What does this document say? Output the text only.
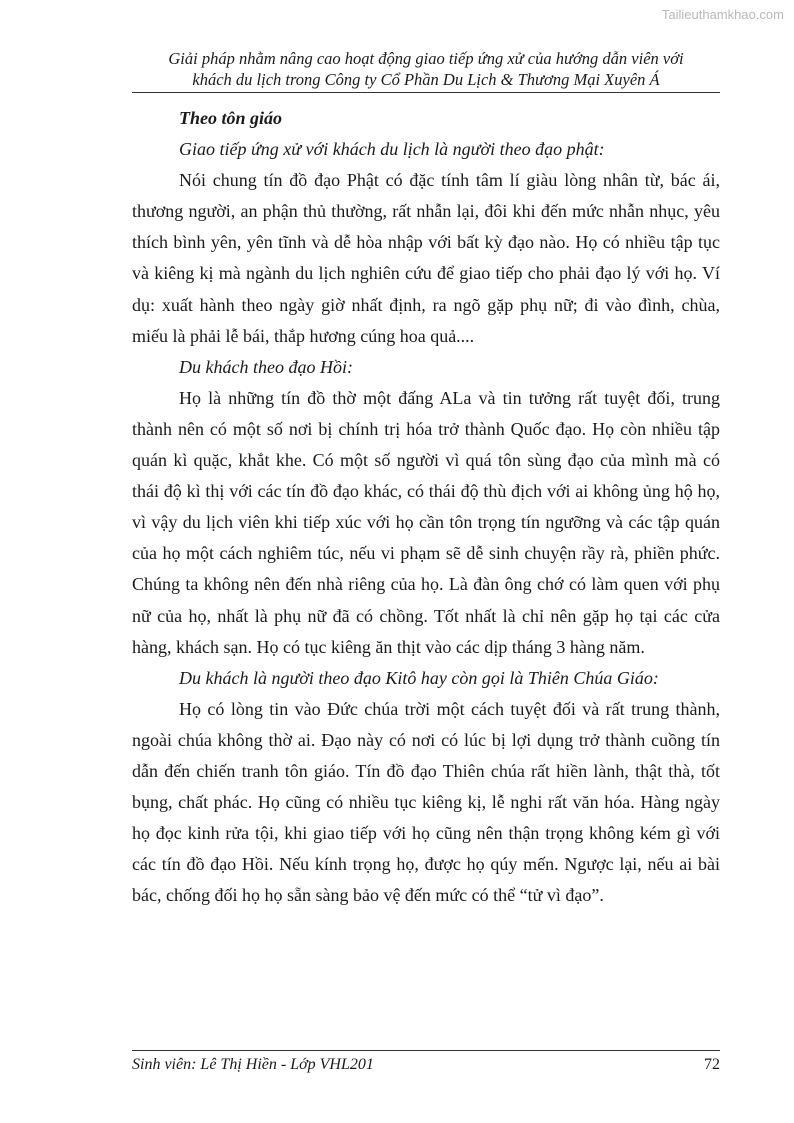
Tailieuthamkhao.com
Giải pháp nhằm nâng cao hoạt động giao tiếp ứng xử của hướng dẫn viên với
khách du lịch trong Công ty Cổ Phần Du Lịch & Thương Mại Xuyên Á

Theo tôn giáo

Giao tiếp ứng xử với khách du lịch là người theo đạo phật:

Nói chung tín đồ đạo Phật có đặc tính tâm lí giàu lòng nhân từ, bác ái, thương người, an phận thủ thường, rất nhẫn lại, đôi khi đến mức nhẫn nhục, yêu thích bình yên, yên tĩnh và dễ hòa nhập với bất kỳ đạo nào. Họ có nhiều tập tục và kiêng kị mà ngành du lịch nghiên cứu để giao tiếp cho phải đạo lý với họ. Ví dụ: xuất hành theo ngày giờ nhất định, ra ngõ gặp phụ nữ; đi vào đình, chùa, miếu là phải lễ bái, thắp hương cúng hoa quả....

Du khách theo đạo Hồi:

Họ là những tín đồ thờ một đấng ALa và tin tưởng rất tuyệt đối, trung thành nên có một số nơi bị chính trị hóa trở thành Quốc đạo. Họ còn nhiều tập quán kì quặc, khắt khe. Có một số người vì quá tôn sùng đạo của mình mà có thái độ kì thị với các tín đồ đạo khác, có thái độ thù địch với ai không ủng hộ họ, vì vậy du lịch viên khi tiếp xúc với họ cần tôn trọng tín ngưỡng và các tập quán của họ một cách nghiêm túc, nếu vi phạm sẽ dễ sinh chuyện rầy rà, phiền phức. Chúng ta không nên đến nhà riêng của họ. Là đàn ông chớ có làm quen với phụ nữ của họ, nhất là phụ nữ đã có chồng. Tốt nhất là chỉ nên gặp họ tại các cửa hàng, khách sạn. Họ có tục kiêng ăn thịt vào các dịp tháng 3 hàng năm.

Du khách là người theo đạo Kitô hay còn gọi là Thiên Chúa Giáo:

Họ có lòng tin vào Đức chúa trời một cách tuyệt đối và rất trung thành, ngoài chúa không thờ ai. Đạo này có nơi có lúc bị lợi dụng trở thành cuồng tín dẫn đến chiến tranh tôn giáo. Tín đồ đạo Thiên chúa rất hiền lành, thật thà, tốt bụng, chất phác. Họ cũng có nhiều tục kiêng kị, lễ nghi rất văn hóa. Hàng ngày họ đọc kinh rửa tội, khi giao tiếp với họ cũng nên thận trọng không kém gì với các tín đồ đạo Hồi. Nếu kính trọng họ, được họ qúy mến. Ngược lại, nếu ai bài bác, chống đối họ họ sẵn sàng bảo vệ đến mức có thể “tử vì đạo”.

Sinh viên: Lê Thị Hiền - Lớp VHL201	72
